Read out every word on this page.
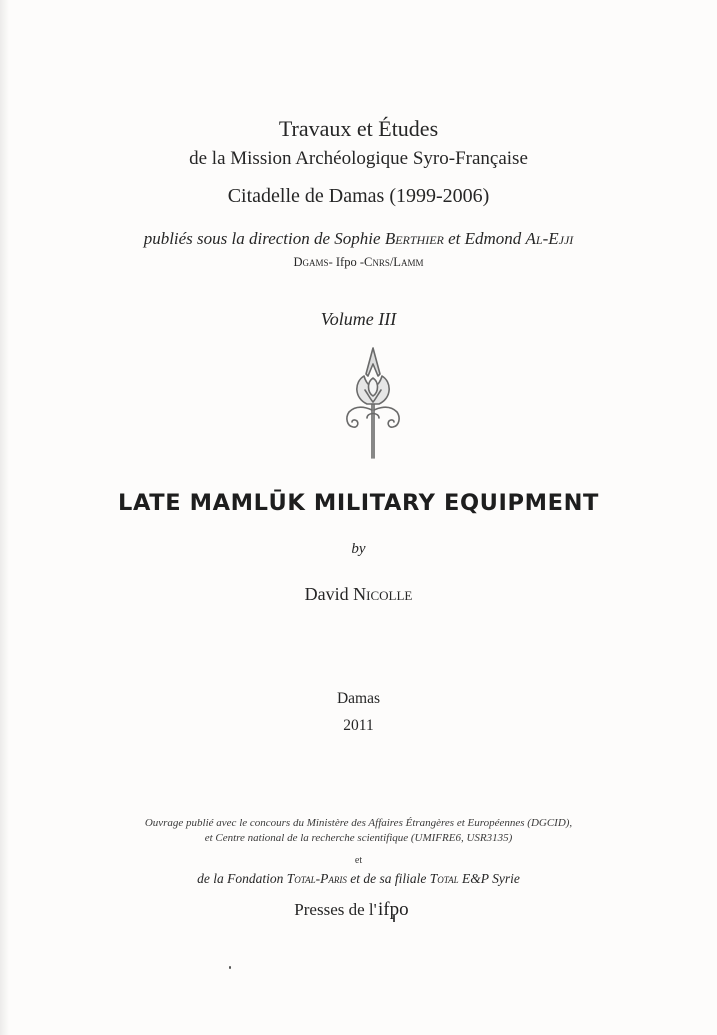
Travaux et Études
de la Mission Archéologique Syro-Française
Citadelle de Damas (1999-2006)
publiés sous la direction de Sophie Berthier et Edmond Al-Ejji
Dgams- Ifpo -Cnrs/Lamm
Volume III
LATE MAMLŪK MILITARY EQUIPMENT
by
David Nicolle
Damas
2011
Ouvrage publié avec le concours du Ministère des Affaires Étrangères et Européennes (DGCID),
et Centre national de la recherche scientifique (UMIFRE6, USR3135)
et
de la Fondation Total-Paris et de sa filiale Total E&P Syrie
Presses de l' ifpo
